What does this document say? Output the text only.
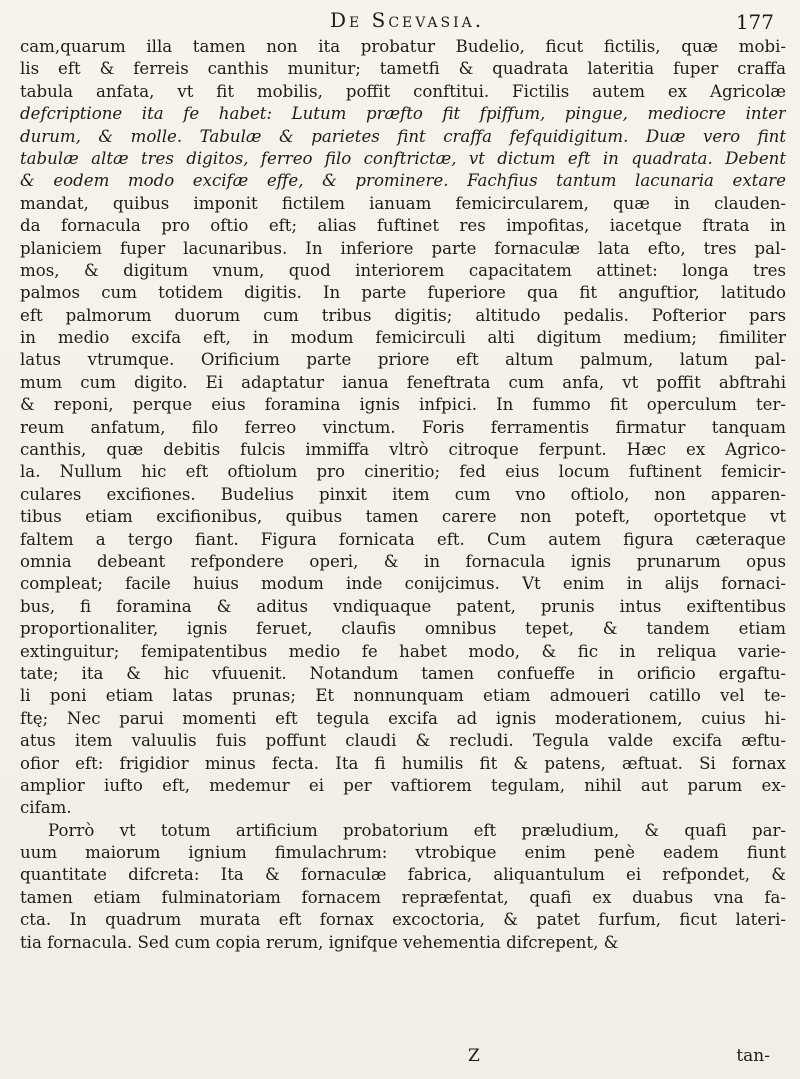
De Scevasia.	177
cam,quarum illa tamen non ita probatur Budelio, ficut fictilis, quæ mobi-
lis eft & ferreis canthis munitur; tametfi & quadrata lateritia fuper craffa
tabula anfata, vt fit mobilis, poffit conftitui. Fictilis autem ex Agricolæ
defcriptione ita fe habet: Lutum præfto fit fpiffum, pingue, mediocre inter
durum, & molle. Tabulæ & parietes fint craffa fefquidigitum. Duæ vero fint
tabulæ altæ tres digitos, ferreo filo conftrictæ, vt dictum eft in quadrata. Debent
& eodem modo excifæ effe, & prominere. Fachfius tantum lacunaria extare
mandat, quibus imponit fictilem ianuam femicircularem, quæ in clauden-
da fornacula pro oftio eft; alias fuftinet res impofitas, iacetque ftrata in
planiciem fuper lacunaribus. In inferiore parte fornaculæ lata efto, tres pal-
mos, & digitum vnum, quod interiorem capacitatem attinet: longa tres
palmos cum totidem digitis. In parte fuperiore qua fit anguftior, latitudo
eft palmorum duorum cum tribus digitis; altitudo pedalis. Pofterior pars
in medio excifa eft, in modum femicirculi alti digitum medium; fimiliter
latus vtrumque. Orificium parte priore eft altum palmum, latum pal-
mum cum digito. Ei adaptatur ianua feneftrata cum anfa, vt poffit abftrahi
& reponi, perque eius foramina ignis infpici. In fummo fit operculum ter-
reum anfatum, filo ferreo vinctum. Foris ferramentis firmatur tanquam
canthis, quæ debitis fulcis immiffa vltrò citroque ferpunt. Hæc ex Agrico-
la. Nullum hic eft oftiolum pro cineritio; fed eius locum fuftinent femicir-
culares excifiones. Budelius pinxit item cum vno oftiolo, non apparen-
tibus etiam excifionibus, quibus tamen carere non poteft, oportetque vt
faltem a tergo fiant. Figura fornicata eft. Cum autem figura cæteraque
omnia debeant refpondere operi, & in fornacula ignis prunarum opus
compleat; facile huius modum inde conijcimus. Vt enim in alijs fornaci-
bus, fi foramina & aditus vndiquaque patent, prunis intus exiftentibus
proportionaliter, ignis feruet, claufis omnibus tepet, & tandem etiam
extinguitur; femipatentibus medio fe habet modo, & fic in reliqua varie-
tate; ita & hic vfuuenit. Notandum tamen confueffe in orificio ergaftu-
li poni etiam latas prunas; Et nonnunquam etiam admoueri catillo vel te-
ftę; Nec parui momenti eft tegula excifa ad ignis moderationem, cuius hi-
atus item valuulis fuis poffunt claudi & recludi. Tegula valde excifa æftu-
ofior eft: frigidior minus fecta. Ita fi humilis fit & patens, æftuat. Si fornax
amplior iufto eft, medemur ei per vaftiorem tegulam, nihil aut parum ex-
cifam.
Porrò vt totum artificium probatorium eft præludium, & quafi par-
uum maiorum ignium fimulachrum: vtrobique enim penè eadem fiunt
quantitate difcreta: Ita & fornaculæ fabrica, aliquantulum ei refpondet, &
tamen etiam fulminatoriam fornacem repræfentat, quafi ex duabus vna fa-
cta. In quadrum murata eft fornax excoctoria, & patet furfum, ficut lateri-
tia fornacula. Sed cum copia rerum, ignifque vehementia difcrepent, &
Z	tan-
